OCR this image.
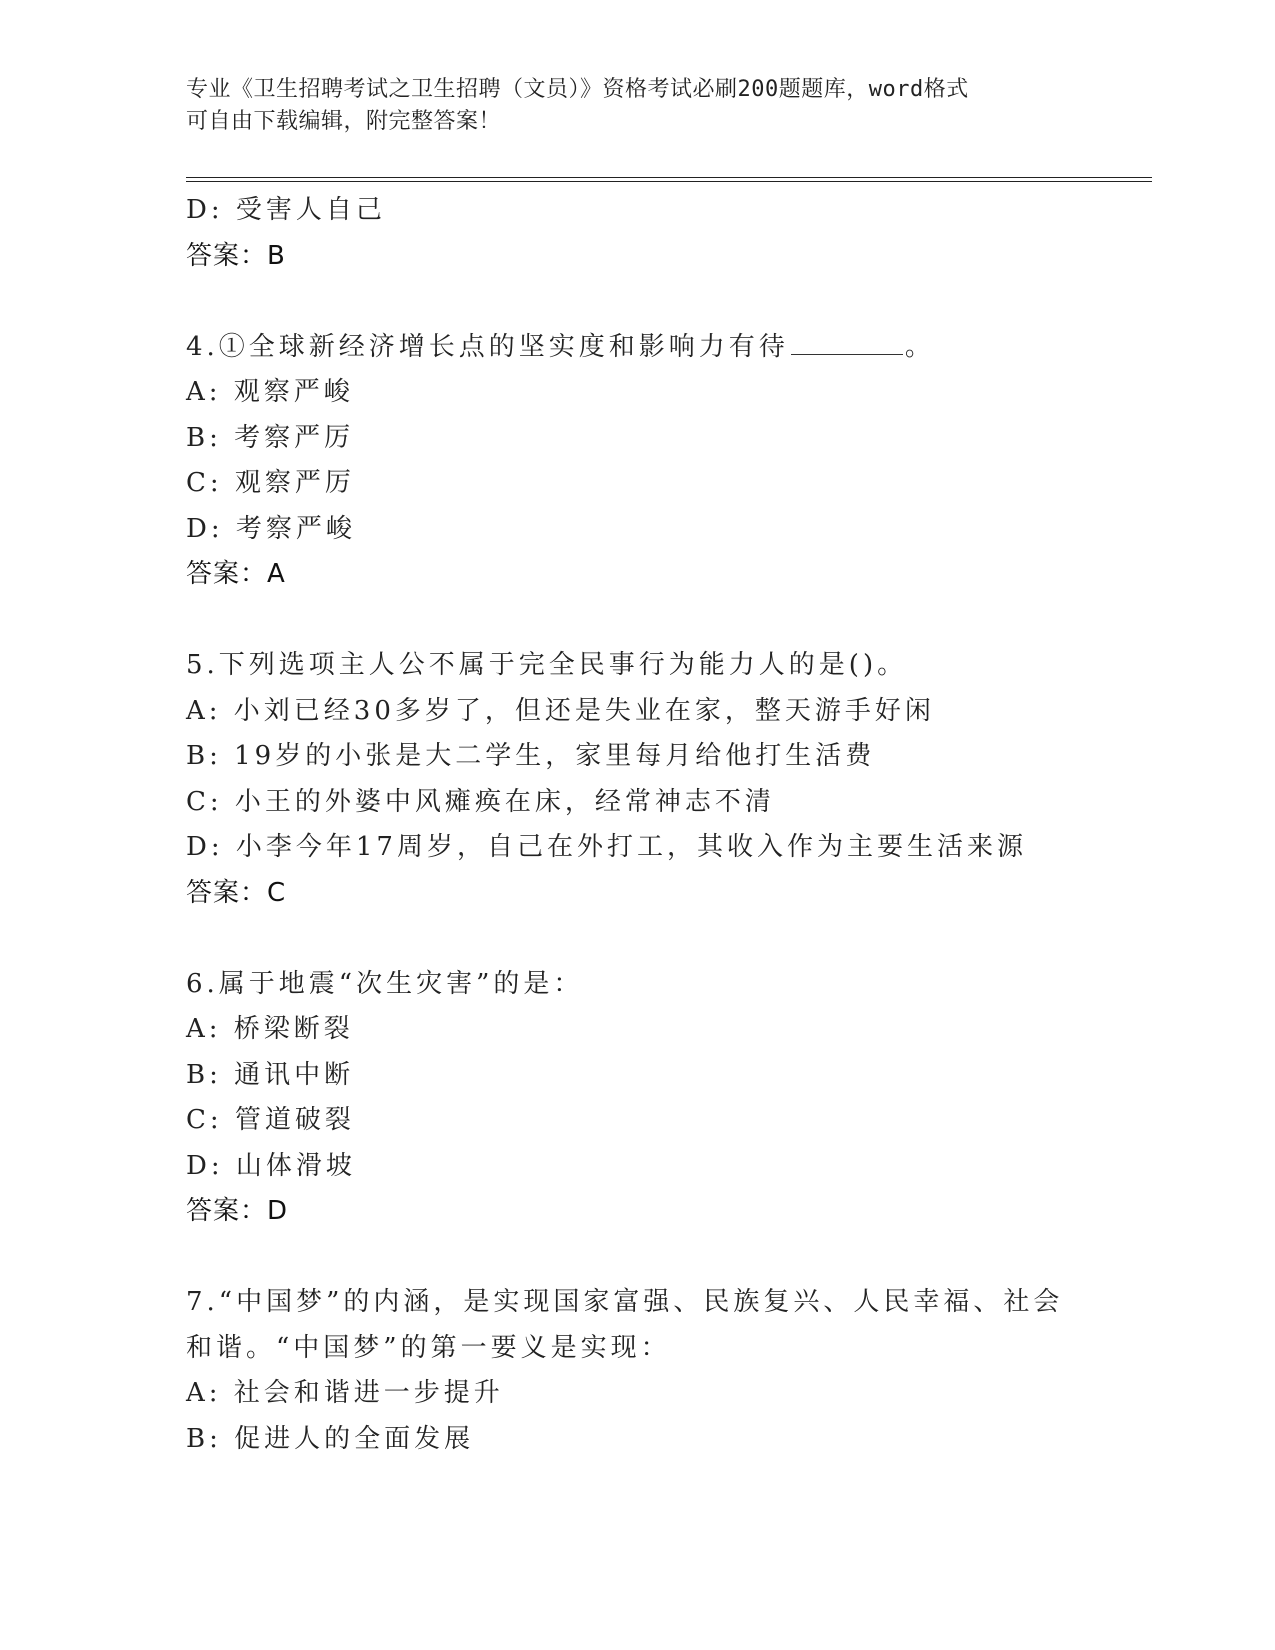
专业《卫生招聘考试之卫生招聘（文员）》资格考试必刷200题题库，word格式
可自由下载编辑，附完整答案！
D: 受害人自己
答案：B
4.①全球新经济增长点的坚实度和影响力有待	。
A: 观察严峻
B: 考察严厉
C: 观察严厉
D: 考察严峻
答案：A
5.下列选项主人公不属于完全民事行为能力人的是()。
A: 小刘已经30多岁了，但还是失业在家，整天游手好闲
B: 19岁的小张是大二学生，家里每月给他打生活费
C: 小王的外婆中风瘫痪在床，经常神志不清
D: 小李今年17周岁，自己在外打工，其收入作为主要生活来源
答案：C
6.属于地震“次生灾害”的是：
A: 桥梁断裂
B: 通讯中断
C: 管道破裂
D: 山体滑坡
答案：D
7.“中国梦”的内涵，是实现国家富强、民族复兴、人民幸福、社会
和谐。“中国梦”的第一要义是实现：
A: 社会和谐进一步提升
B: 促进人的全面发展
